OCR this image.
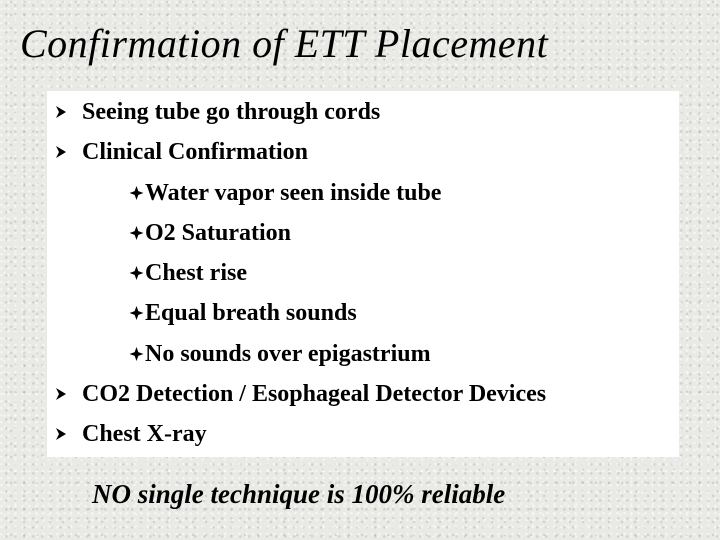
Confirmation of ETT Placement
Seeing tube go through cords
Clinical Confirmation
Water vapor seen inside tube
O2 Saturation
Chest rise
Equal breath sounds
No sounds over epigastrium
CO2 Detection / Esophageal Detector Devices
Chest X-ray

NO single technique is 100% reliable
